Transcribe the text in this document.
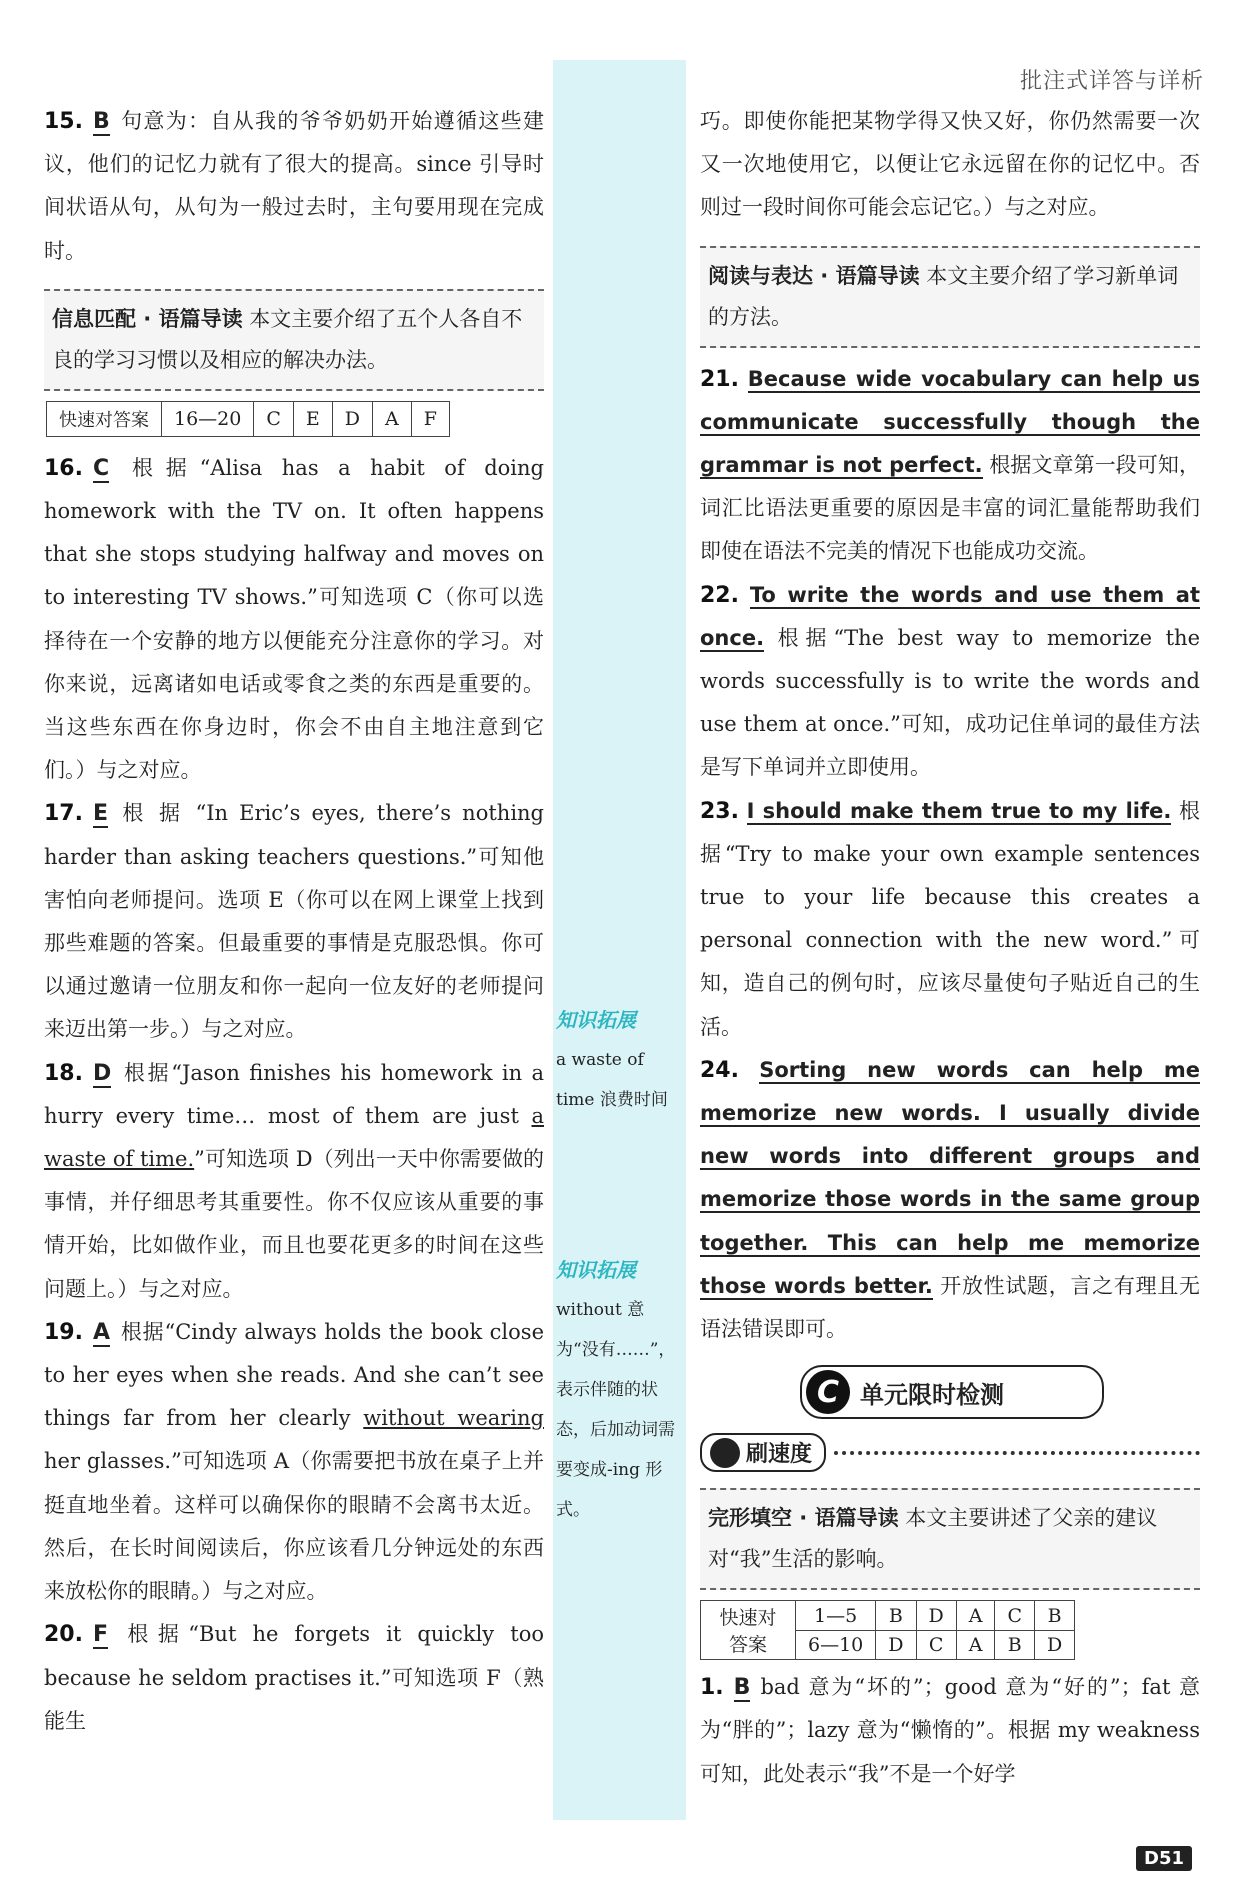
批注式详答与详析
知识拓展
a waste of time 浪费时间
知识拓展
without 意为“没有……”，表示伴随的状态，后加动词需要变成-ing 形式。

15. B 句意为：自从我的爷爷奶奶开始遵循这些建议，他们的记忆力就有了很大的提高。since 引导时间状语从句，从句为一般过去时，主句要用现在完成时。

信息匹配 · 语篇导读 本文主要介绍了五个人各自不良的学习习惯以及相应的解决办法。
快速对答案	16—20	C	E	D	A	F

16. C 根据“Alisa has a habit of doing homework with the TV on. It often happens that she stops studying halfway and moves on to interesting TV shows.”可知选项 C（你可以选择待在一个安静的地方以便能充分注意你的学习。对你来说，远离诸如电话或零食之类的东西是重要的。当这些东西在你身边时，你会不由自主地注意到它们。）与之对应。

17. E 根 据 “In Eric’s eyes, there’s nothing harder than asking teachers questions.”可知他害怕向老师提问。选项 E（你可以在网上课堂上找到那些难题的答案。但最重要的事情是克服恐惧。你可以通过邀请一位朋友和你一起向一位友好的老师提问来迈出第一步。）与之对应。

18. D 根据“Jason finishes his homework in a hurry every time… most of them are just a waste of time.”可知选项 D（列出一天中你需要做的事情，并仔细思考其重要性。你不仅应该从重要的事情开始，比如做作业，而且也要花更多的时间在这些问题上。）与之对应。

19. A 根据“Cindy always holds the book close to her eyes when she reads. And she can’t see things far from her clearly without wearing her glasses.”可知选项 A（你需要把书放在桌子上并挺直地坐着。这样可以确保你的眼睛不会离书太近。然后，在长时间阅读后，你应该看几分钟远处的东西来放松你的眼睛。）与之对应。

20. F 根据“But he forgets it quickly too because he seldom practises it.”可知选项 F（熟能生

巧。即使你能把某物学得又快又好，你仍然需要一次又一次地使用它，以便让它永远留在你的记忆中。否则过一段时间你可能会忘记它。）与之对应。

阅读与表达 · 语篇导读 本文主要介绍了学习新单词的方法。

21. Because wide vocabulary can help us communicate successfully though the grammar is not perfect. 根据文章第一段可知，词汇比语法更重要的原因是丰富的词汇量能帮助我们即使在语法不完美的情况下也能成功交流。

22. To write the words and use them at once. 根据“The best way to memorize the words successfully is to write the words and use them at once.”可知，成功记住单词的最佳方法是写下单词并立即使用。

23. I should make them true to my life. 根据“Try to make your own example sentences true to your life because this creates a personal connection with the new word.”可知，造自己的例句时，应该尽量使句子贴近自己的生活。

24. Sorting new words can help me memorize new words. I usually divide new words into different groups and memorize those words in the same group together. This can help me memorize those words better. 开放性试题，言之有理且无语法错误即可。

C 单元限时检测
刷速度
完形填空 · 语篇导读 本文主要讲述了父亲的建议对“我”生活的影响。
快速对答案	1—5	B	D	A	C	B
	6—10	D	C	A	B	D

1. B bad 意为“坏的”；good 意为“好的”；fat 意为“胖的”；lazy 意为“懒惰的”。根据 my weakness 可知，此处表示“我”不是一个好学

D51
